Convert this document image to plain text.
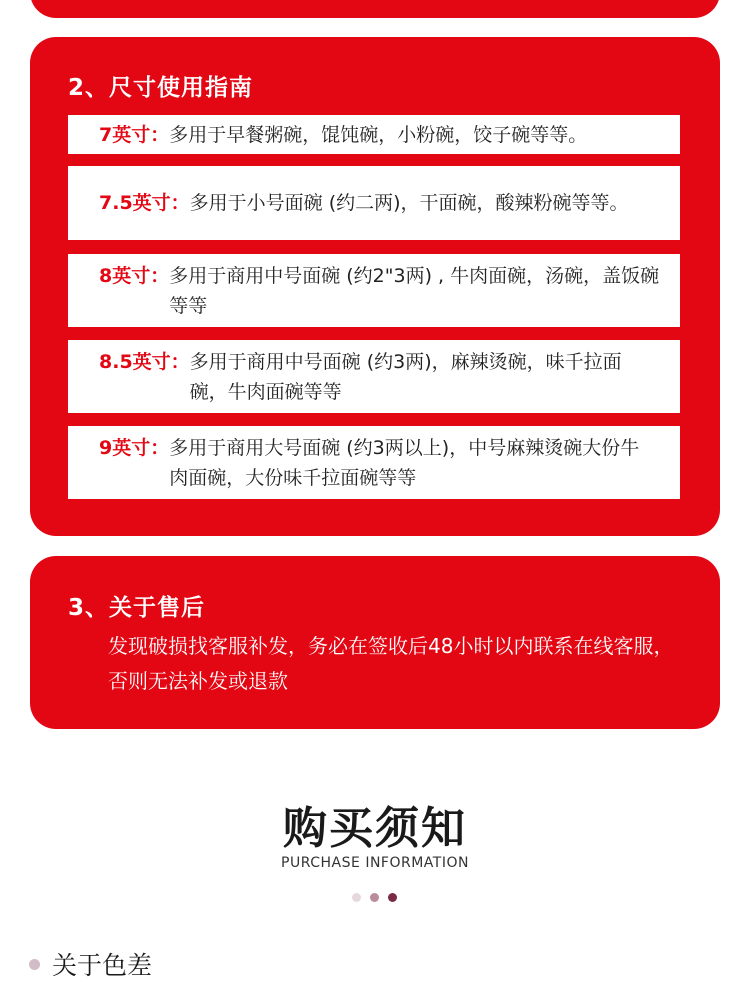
2、尺寸使用指南
7英寸： 多用于早餐粥碗，馄饨碗，小粉碗，饺子碗等等。
7.5英寸： 多用于小号面碗 (约二两)，干面碗，酸辣粉碗等等。
8英寸： 多用于商用中号面碗 (约2"3两) , 牛肉面碗，汤碗，盖饭碗等等
8.5英寸： 多用于商用中号面碗 (约3两)，麻辣烫碗，味千拉面碗，牛肉面碗等等
9英寸： 多用于商用大号面碗 (约3两以上)，中号麻辣烫碗大份牛肉面碗，大份味千拉面碗等等
3、关于售后
发现破损找客服补发，务必在签收后48小时以内联系在线客服，否则无法补发或退款
购买须知
PURCHASE INFORMATION
关于色差
